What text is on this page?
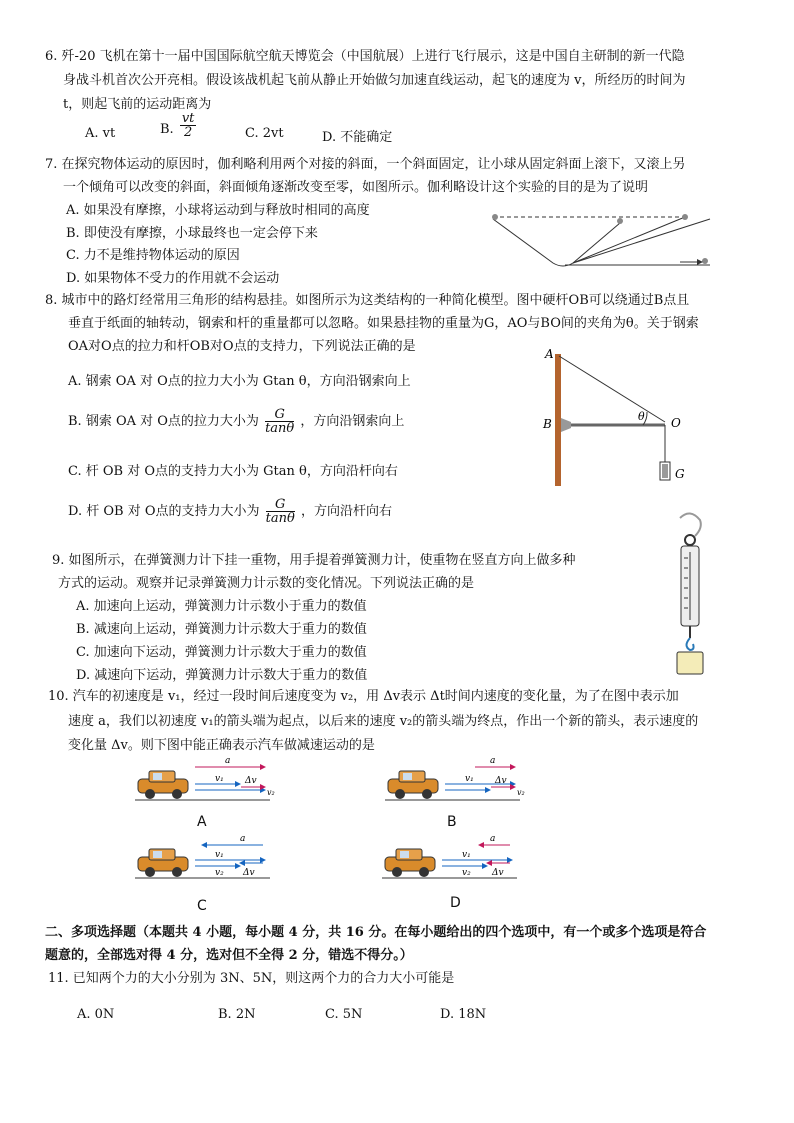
6. 歼-20 飞机在第十一届中国国际航空航天博览会（中国航展）上进行飞行展示，这是中国自主研制的新一代隐
身战斗机首次公开亮相。假设该战机起飞前从静止开始做匀加速直线运动，起飞的速度为 v，所经历的时间为
t，则起飞前的运动距离为
A. vt	B. $\frac{vt}{2}$	C. 2vt	D. 不能确定
7. 在探究物体运动的原因时，伽利略利用两个对接的斜面，一个斜面固定，让小球从固定斜面上滚下，又滚上另
一个倾角可以改变的斜面，斜面倾角逐渐改变至零，如图所示。伽利略设计这个实验的目的是为了说明
A. 如果没有摩擦，小球将运动到与释放时相同的高度
B. 即使没有摩擦，小球最终也一定会停下来
C. 力不是维持物体运动的原因
D. 如果物体不受力的作用就不会运动
8. 城市中的路灯经常用三角形的结构悬挂。如图所示为这类结构的一种简化模型。图中硬杆OB可以绕通过B点且
垂直于纸面的轴转动，钢索和杆的重量都可以忽略。如果悬挂物的重量为G，AO与BO间的夹角为θ。关于钢索
OA对O点的拉力和杆OB对O点的支持力，下列说法正确的是
A. 钢索 OA 对 O点的拉力大小为 Gtan θ，方向沿钢索向上
B. 钢索 OA 对 O点的拉力大小为 $\frac{G}{\tan\theta}$ ，方向沿钢索向上
C. 杆 OB 对 O点的支持力大小为 Gtan θ，方向沿杆向右
D. 杆 OB 对 O点的支持力大小为 $\frac{G}{\tan\theta}$ ，方向沿杆向右
A
B	O
θ
G
9. 如图所示，在弹簧测力计下挂一重物，用手提着弹簧测力计，使重物在竖直方向上做多种
方式的运动。观察并记录弹簧测力计示数的变化情况。下列说法正确的是
A. 加速向上运动，弹簧测力计示数小于重力的数值
B. 减速向上运动，弹簧测力计示数大于重力的数值
C. 加速向下运动，弹簧测力计示数大于重力的数值
D. 减速向下运动，弹簧测力计示数大于重力的数值
10. 汽车的初速度是 v₁，经过一段时间后速度变为 v₂，用 Δv表示 Δt时间内速度的变化量，为了在图中表示加
速度 a，我们以初速度 v₁的箭头端为起点，以后来的速度 v₂的箭头端为终点，作出一个新的箭头，表示速度的
变化量 Δv。则下图中能正确表示汽车做减速运动的是
a
v₁ Δv
v₂
A
a
v₁ Δv
v₂
B
a
v₁
v₂ Δv
C
a
v₁
v₂ Δv
D
二、多项选择题（本题共 4 小题，每小题 4 分，共 16 分。在每小题给出的四个选项中，有一个或多个选项是符合
题意的，全部选对得 4 分，选对但不全得 2 分，错选不得分。）
11. 已知两个力的大小分别为 3N、5N，则这两个力的合力大小可能是
A. 0N	B. 2N	C. 5N	D. 18N
